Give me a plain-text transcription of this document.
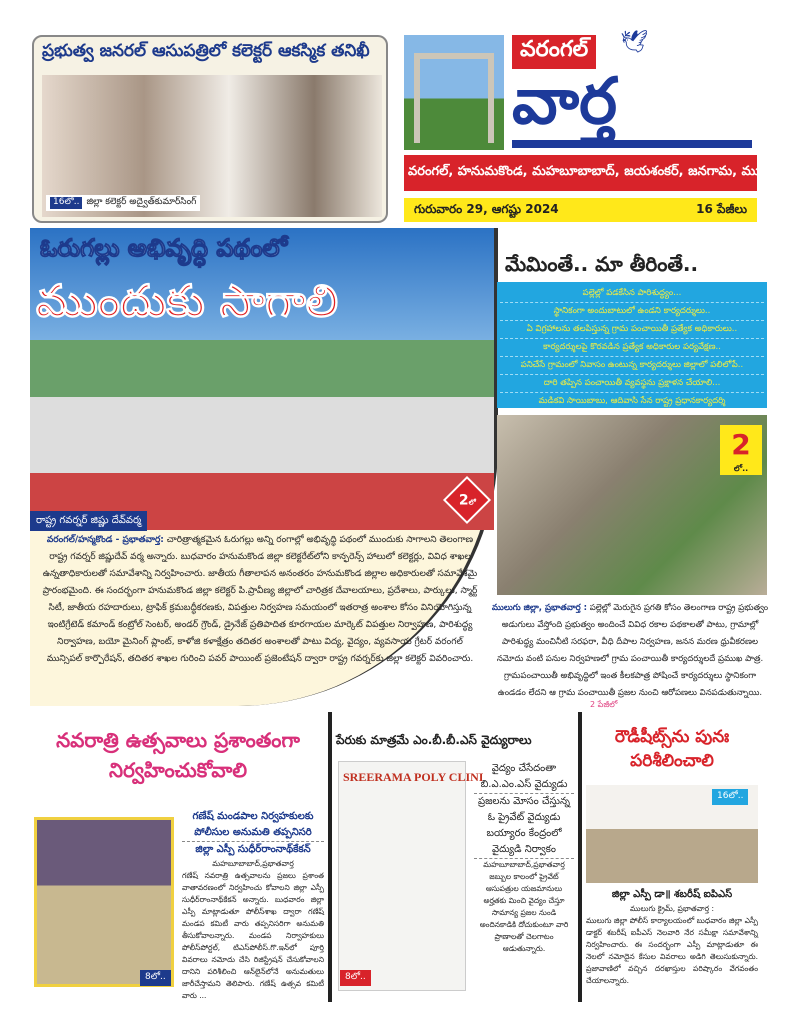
ప్రభుత్వ జనరల్ ఆసుపత్రిలో కలెక్టర్ ఆకస్మిక తనిఖీ
16లో.. జిల్లా కలెక్టర్ అద్వైత్‌కుమార్‌సింగ్
వరంగల్	🕊
వార్త
వరంగల్, హనుమకొండ, మహబూబాబాద్, జయశంకర్, జనగామ, ములుగు
గురువారం 29, ఆగష్టు 2024	16 పేజీలు
ఓరుగల్లు అభివృద్ధి పథంలో
ముందుకు సాగాలి
రాష్ట్ర గవర్నర్ జిష్ణు దేవ్‌వర్మ
2లో
వరంగల్/హన్మకొండ - ప్రభాతవార్త: చారిత్రాత్మకమైన ఓరుగల్లు అన్ని రంగాల్లో అభివృద్ధి పథంలో ముందుకు సాగాలని తెలంగాణ రాష్ట్ర గవర్నర్ జిష్ణుదేవ్ వర్మ అన్నారు. బుధవారం హనుమకొండ జిల్లా కలెక్టరేట్‌లోని కాన్ఫరెన్స్ హాలులో కలెక్టర్లు, వివిధ శాఖల ఉన్నతాధికారులతో సమావేశాన్ని నిర్వహించారు. జాతీయ గీతాలాపన అనంతరం హనుమకొండ జిల్లాల అధికారులతో సమావేశమై ప్రారంభమైంది. ఈ సందర్భంగా హనుమకొండ జిల్లా కలెక్టర్ పి.ప్రావీణ్య జిల్లాలో చారిత్రక దేవాలయాలు, ప్రదేశాలు, పార్కులు, స్మార్ట్ సిటీ, జాతీయ రహదారులు, ట్రాఫిక్ క్రమబద్ధీకరణకు, విపత్తుల నిర్వహణ సమయంలో ఇతరాత్ర అంశాల కోసం వినియోగిస్తున్న ఇంటిగ్రేటెడ్ కమాండ్ కంట్రోల్ సెంటర్, అండర్ గ్రౌండ్, డ్రైనేజ్ ప్రతిపాదిత కూరగాయల మార్కెట్ విపత్తుల నిర్వాహణ, పారిశుద్ధ్య నిర్వాహణ, బయో మైనింగ్ ప్లాంట్, కాళోజి కళాక్షేత్రం తదితర అంశాలతో పాటు విద్య, వైద్యం, వ్యవసాయ గ్రేటర్ వరంగల్ మున్సిపల్ కార్పొరేషన్, తదితర శాఖల గురించి పవర్ పాయింట్ ప్రజెంటేషన్ ద్వారా రాష్ట్ర గవర్నర్‌కు జిల్లా కలెక్టర్ వివరించారు.
మేమింతే.. మా తీరింతే..
పల్లెల్లో పడకేసిన పారిశుద్ధ్యం...
స్థానికంగా అందుబాటులో ఉండని కార్యదర్శులు..
ఏ విగ్రహాలను తలపిస్తున్న గ్రామ పంచాయితీ ప్రత్యేక అధికారులు..
కార్యదర్శులపై కొరవడిన ప్రత్యేక అధికారుల పర్యవేక్షణ..
పనిచేసే గ్రామంలో నివాసం ఉంటున్న కార్యదర్శులు జిల్లాలో పలిలోపే..
దారి తప్పిన పంచాయితీ వ్యవస్థను ప్రక్షాళన చేయాలి...
మడికవి సాయిబాబు, ఆదివాసి సేన రాష్ట్ర ప్రధానకార్యదర్శి
2
లో..
ములుగు జిల్లా, ప్రభాతవార్త : పల్లెల్లో మెరుగైన ప్రగతి కోసం తెలంగాణ రాష్ట్ర ప్రభుత్వం అడుగులు వేస్తోంది ప్రభుత్వం అందించే వివిధ రకాల పథకాలతో పాటు, గ్రామాల్లో పారిశుద్ధ్య మంచినీటి సరఫరా, వీధి దీపాల నిర్వహణ, జనన మరణ ధ్రువీకరణల నమోదు వంటి పనుల నిర్వహణలో గ్రామ పంచాయితీ కార్యదర్శులదే ప్రముఖ పాత్ర. గ్రామపంచాయితీ అభివృద్ధిలో ఇంత కీలకపాత్ర పోషించే కార్యదర్శులు స్థానికంగా ఉండడం లేదని ఆ గ్రామ పంచాయితీ ప్రజల నుంచి ఆరోపణలు వినపడుతున్నాయి.
2 పేజీలో
నవరాత్రి ఉత్సవాలు ప్రశాంతంగా నిర్వహించుకోవాలి
8లో..
గణేష్ మండపాల నిర్వహకులకు పోలీసుల అనుమతి తప్పనిసరి
జిల్లా ఎస్పీ సుధీర్‌రాంనాథ్‌కేకన్
మహబూబాబాద్,ప్రభాతవార్త
గణేష్ నవరాత్రి ఉత్సవాలను ప్రజలు ప్రశాంత వాతావరణంలో నిర్వహించు కోవాలని జిల్లా ఎస్పీ సుధీర్‌రాంనాథ్‌కేకన్ అన్నారు. బుధవారం జిల్లా ఎస్పీ మాట్లాడుతూ పోలీస్‌శాఖ ద్వారా గణేష్ మండప కమిటీ వారు తప్పనిసరిగా అనుమతి తీసుకోవాలన్నారు. మండప నిర్వాహకులు పోలీస్‌పోర్టల్, టిఎస్‌పోలీస్.గొ.ఇన్‌లో పూర్తి వివరాలు నమోదు చేసి రిజిస్ట్రేషన్ చేసుకోవాలని దానిని పరిశీలించి ఆన్‌లైన్‌లోనే అనుమతులు జారీచేస్తామని తెలిపారు. గణేష్ ఉత్సవ కమిటీ వారు ...
పేరుకు మాత్రమే ఎం.బీ.బీ.ఎస్ వైద్యురాలు
SREERAMA POLY CLINI
8లో..
వైద్యం చేసేదంతా బి.ఎ.ఎం.ఎస్ వైద్యుడు
ప్రజలను మోసం చేస్తున్న ఓ ప్రైవేట్ వైద్యుడు
బయ్యారం కేంద్రంలో వైద్యుడి నిర్వాకం
మహబూబాబాద్,ప్రభాతవార్త
జబ్బుల కాలంలో ప్రైవేట్ ఆసుపత్రుల యజమానులు అర్హతకు మించి వైద్యం చేస్తూ సామాన్య ప్రజల నుండి అందినకాడికి దోచుకుంటూ వారి ప్రాణాలతో చెలగాటం ఆడుతున్నారు.
రౌడీషీట్స్‌ను పునః పరిశీలించాలి
16లో..
జిల్లా ఎస్పీ డా॥ శబరీష్ ఐపిఎస్
ములుగు క్రైమ్, ప్రభాతవార్త :
ములుగు జిల్లా పోలీస్ కార్యాలయంలో బుధవారం జిల్లా ఎస్పీ డాక్టర్ శబరీష్ ఐపీఎస్ నెలవారి నేర సమీక్షా సమావేశాన్ని నిర్వహించారు. ఈ సందర్భంగా ఎస్పీ మాట్లాడుతూ ఈ నెలలో నమోదైన కేసుల వివరాలు అడిగి తెలుసుకున్నారు. ప్రజావాణిలో వచ్చిన దరఖాస్తుల పరిష్కారం వేగవంతం చేయాలన్నారు.
